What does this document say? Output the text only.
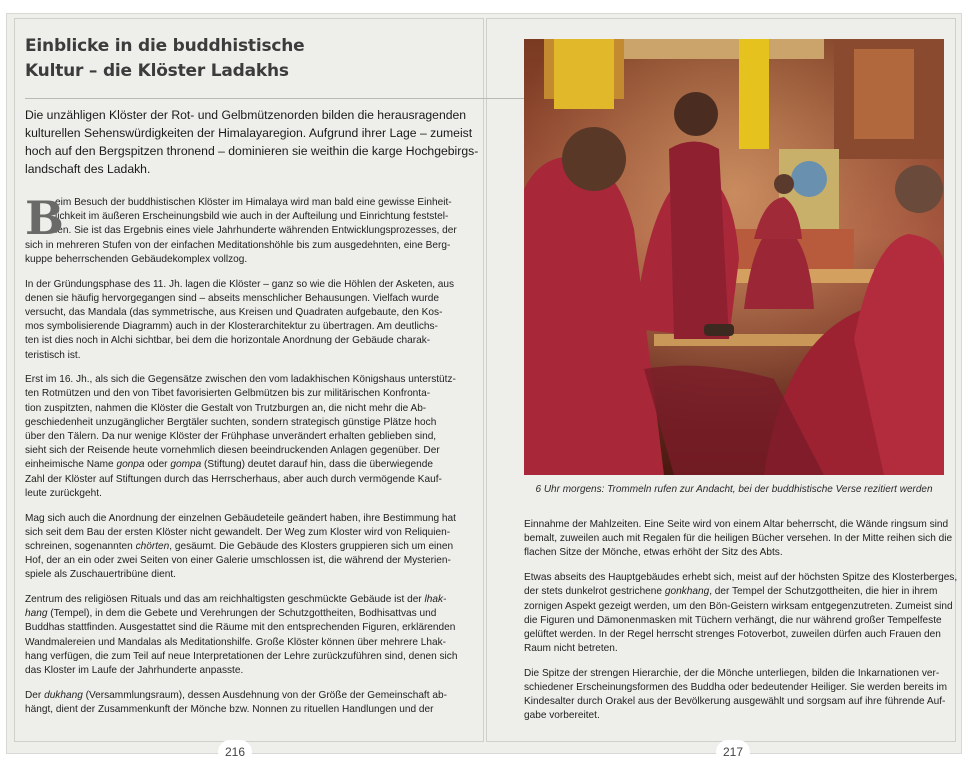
Einblicke in die buddhistische
Kultur – die Klöster Ladakhs
Die unzähligen Klöster der Rot- und Gelbmützenorden bilden die herausragenden
kulturellen Sehenswürdigkeiten der Himalayaregion. Aufgrund ihrer Lage – zumeist
hoch auf den Bergspitzen thronend – dominieren sie weithin die karge Hochgebirgs-
landschaft des Ladakh.

B
eim Besuch der buddhistischen Klöster im Himalaya wird man bald eine gewisse Einheit-
lichkeit im äußeren Erscheinungsbild wie auch in der Aufteilung und Einrichtung feststel-
len. Sie ist das Ergebnis eines viele Jahrhunderte währenden Entwicklungsprozesses, der
sich in mehreren Stufen von der einfachen Meditationshöhle bis zum ausgedehnten, eine Berg-
kuppe beherrschenden Gebäudekomplex vollzog.

In der Gründungsphase des 11. Jh. lagen die Klöster – ganz so wie die Höhlen der Asketen, aus
denen sie häufig hervorgegangen sind – abseits menschlicher Behausungen. Vielfach wurde
versucht, das Mandala (das symmetrische, aus Kreisen und Quadraten aufgebaute, den Kos-
mos symbolisierende Diagramm) auch in der Klosterarchitektur zu übertragen. Am deutlichs-
ten ist dies noch in Alchi sichtbar, bei dem die horizontale Anordnung der Gebäude charak-
teristisch ist.

Erst im 16. Jh., als sich die Gegensätze zwischen den vom ladakhischen Königshaus unterstütz-
ten Rotmützen und den von Tibet favorisierten Gelbmützen bis zur militärischen Konfronta-
tion zuspitzten, nahmen die Klöster die Gestalt von Trutzburgen an, die nicht mehr die Ab-
geschiedenheit unzugänglicher Bergtäler suchten, sondern strategisch günstige Plätze hoch
über den Tälern. Da nur wenige Klöster der Frühphase unverändert erhalten geblieben sind,
sieht sich der Reisende heute vornehmlich diesen beeindruckenden Anlagen gegenüber. Der
einheimische Name gonpa oder gompa (Stiftung) deutet darauf hin, dass die überwiegende
Zahl der Klöster auf Stiftungen durch das Herrscherhaus, aber auch durch vermögende Kauf-
leute zurückgeht.

Mag sich auch die Anordnung der einzelnen Gebäudeteile geändert haben, ihre Bestimmung hat
sich seit dem Bau der ersten Klöster nicht gewandelt. Der Weg zum Kloster wird von Reliquien-
schreinen, sogenannten chörten, gesäumt. Die Gebäude des Klosters gruppieren sich um einen
Hof, der an ein oder zwei Seiten von einer Galerie umschlossen ist, die während der Mysterien-
spiele als Zuschauertribüne dient.

Zentrum des religiösen Rituals und das am reichhaltigsten geschmückte Gebäude ist der lhak-
hang (Tempel), in dem die Gebete und Verehrungen der Schutzgottheiten, Bodhisattvas und
Buddhas stattfinden. Ausgestattet sind die Räume mit den entsprechenden Figuren, erklärenden
Wandmalereien und Mandalas als Meditationshilfe. Große Klöster können über mehrere Lhak-
hang verfügen, die zum Teil auf neue Interpretationen der Lehre zurückzuführen sind, denen sich
das Kloster im Laufe der Jahrhunderte anpasste.

Der dukhang (Versammlungsraum), dessen Ausdehnung von der Größe der Gemeinschaft ab-
hängt, dient der Zusammenkunft der Mönche bzw. Nonnen zu rituellen Handlungen und der

216
6 Uhr morgens: Trommeln rufen zur Andacht, bei der buddhistische Verse rezitiert werden

Einnahme der Mahlzeiten. Eine Seite wird von einem Altar beherrscht, die Wände ringsum sind
bemalt, zuweilen auch mit Regalen für die heiligen Bücher versehen. In der Mitte reihen sich die
flachen Sitze der Mönche, etwas erhöht der Sitz des Abts.

Etwas abseits des Hauptgebäudes erhebt sich, meist auf der höchsten Spitze des Klosterberges,
der stets dunkelrot gestrichene gonkhang, der Tempel der Schutzgottheiten, die hier in ihrem
zornigen Aspekt gezeigt werden, um den Bön-Geistern wirksam entgegenzutreten. Zumeist sind
die Figuren und Dämonenmasken mit Tüchern verhängt, die nur während großer Tempelfeste
gelüftet werden. In der Regel herrscht strenges Fotoverbot, zuweilen dürfen auch Frauen den
Raum nicht betreten.

Die Spitze der strengen Hierarchie, der die Mönche unterliegen, bilden die Inkarnationen ver-
schiedener Erscheinungsformen des Buddha oder bedeutender Heiliger. Sie werden bereits im
Kindesalter durch Orakel aus der Bevölkerung ausgewählt und sorgsam auf ihre führende Auf-
gabe vorbereitet.

217
